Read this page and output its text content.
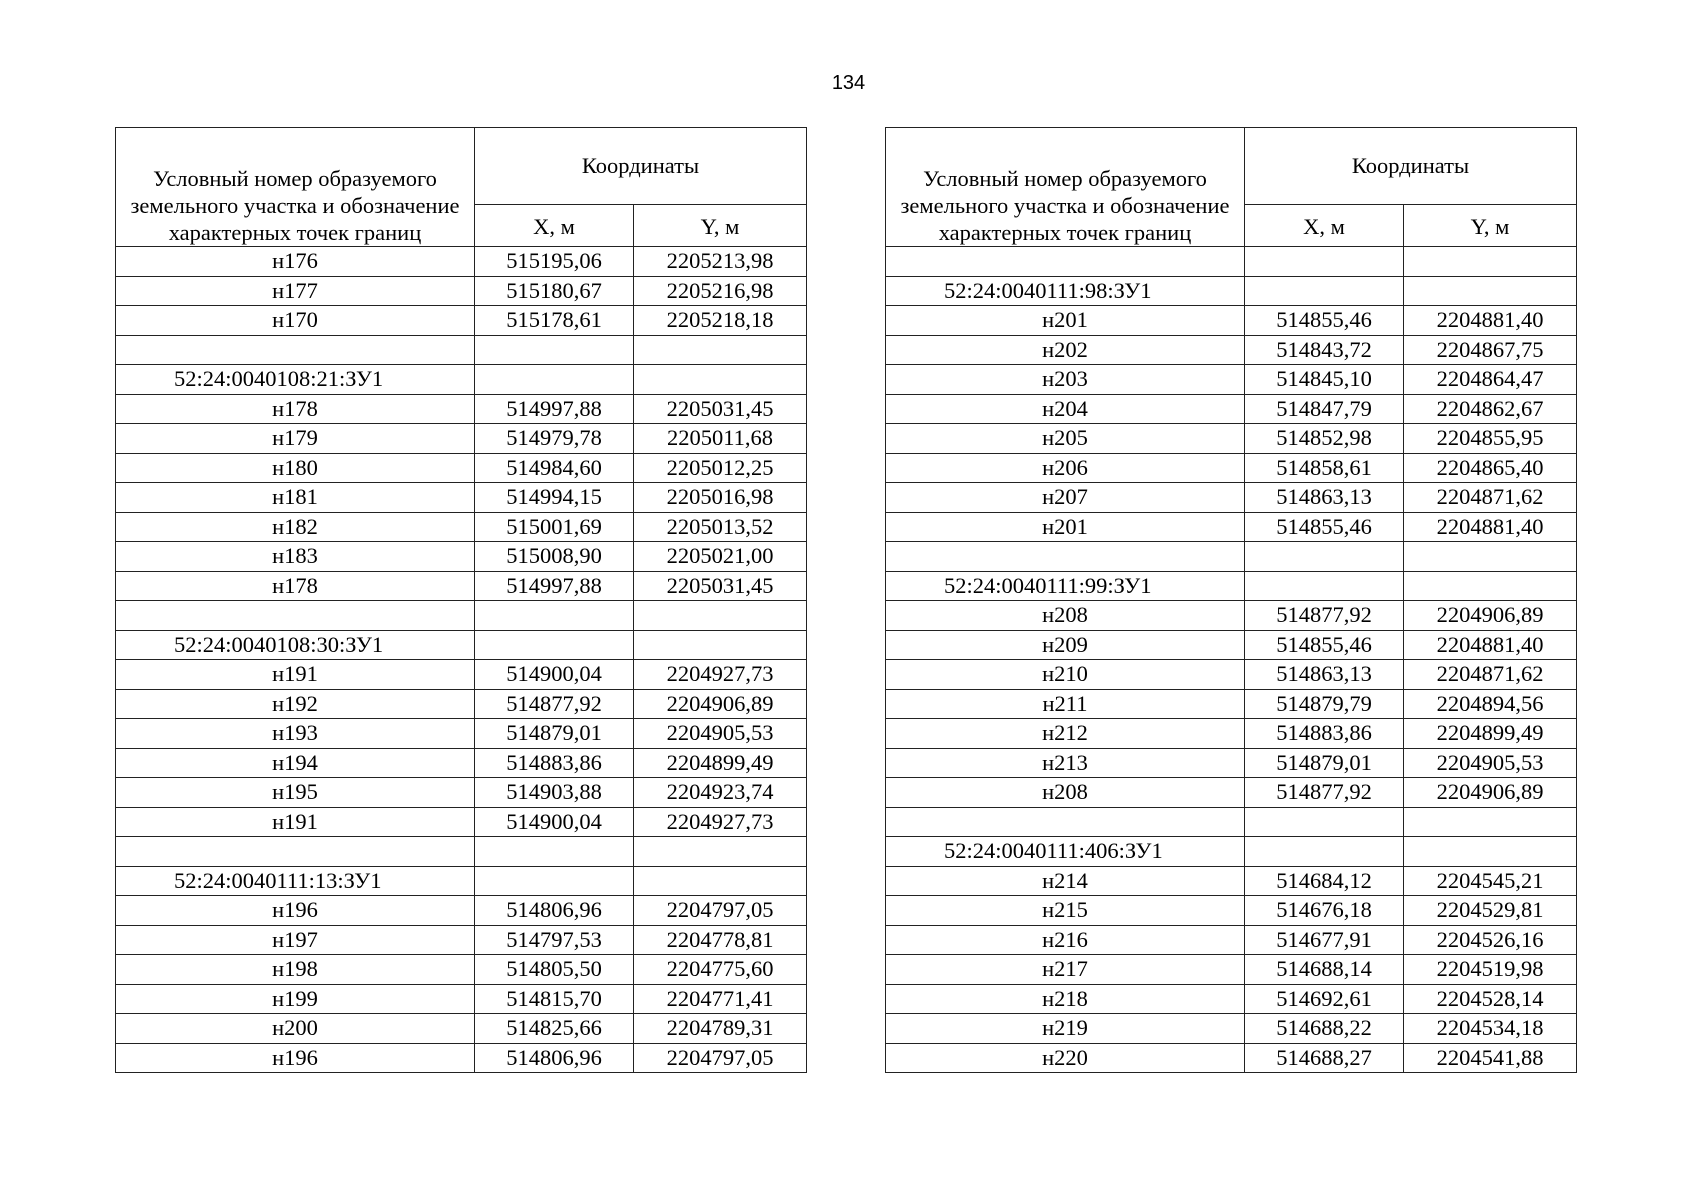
134
Условный номер образуемого земельного участка и обозначение характерных точек границ	Координаты	
	X, м	Y, м
н176	515195,06	2205213,98
н177	515180,67	2205216,98
н170	515178,61	2205218,18

52:24:0040108:21:ЗУ1		
н178	514997,88	2205031,45
н179	514979,78	2205011,68
н180	514984,60	2205012,25
н181	514994,15	2205016,98
н182	515001,69	2205013,52
н183	515008,90	2205021,00
н178	514997,88	2205031,45

52:24:0040108:30:ЗУ1		
н191	514900,04	2204927,73
н192	514877,92	2204906,89
н193	514879,01	2204905,53
н194	514883,86	2204899,49
н195	514903,88	2204923,74
н191	514900,04	2204927,73

52:24:0040111:13:ЗУ1		
н196	514806,96	2204797,05
н197	514797,53	2204778,81
н198	514805,50	2204775,60
н199	514815,70	2204771,41
н200	514825,66	2204789,31
н196	514806,96	2204797,05
Условный номер образуемого земельного участка и обозначение характерных точек границ	Координаты	
	X, м	Y, м

52:24:0040111:98:ЗУ1		
н201	514855,46	2204881,40
н202	514843,72	2204867,75
н203	514845,10	2204864,47
н204	514847,79	2204862,67
н205	514852,98	2204855,95
н206	514858,61	2204865,40
н207	514863,13	2204871,62
н201	514855,46	2204881,40

52:24:0040111:99:ЗУ1		
н208	514877,92	2204906,89
н209	514855,46	2204881,40
н210	514863,13	2204871,62
н211	514879,79	2204894,56
н212	514883,86	2204899,49
н213	514879,01	2204905,53
н208	514877,92	2204906,89

52:24:0040111:406:ЗУ1		
н214	514684,12	2204545,21
н215	514676,18	2204529,81
н216	514677,91	2204526,16
н217	514688,14	2204519,98
н218	514692,61	2204528,14
н219	514688,22	2204534,18
н220	514688,27	2204541,88
